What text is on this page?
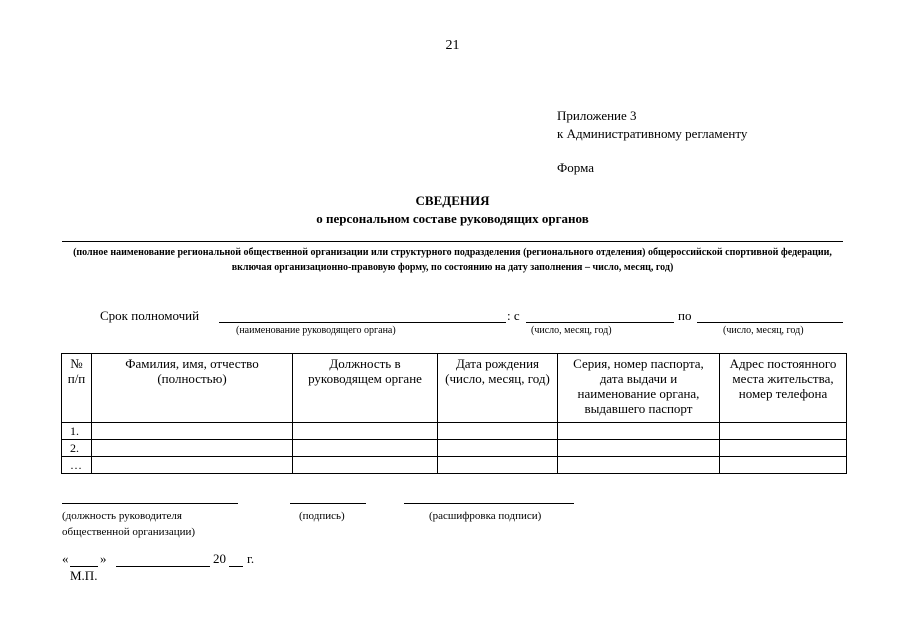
21
Приложение 3
к Административному регламенту
Форма
СВЕДЕНИЯ
о персональном составе руководящих органов
(полное наименование региональной общественной организации или структурного подразделения (регионального отделения) общероссийской спортивной федерации, включая организационно-правовую форму, по состоянию на дату заполнения – число, месяц, год)
Срок полномочий	: с	по
(наименование руководящего органа)	(число, месяц, год)	(число, месяц, год)
№ п/п	Фамилия, имя, отчество (полностью)	Должность в руководящем органе	Дата рождения (число, месяц, год)	Серия, номер паспорта, дата выдачи и наименование органа, выдавшего паспорт	Адрес постоянного места жительства, номер телефона
1.					
2.					
…					
(должность руководителя общественной организации)
(подпись)	(расшифровка подписи)
« »	20 г.
М.П.
